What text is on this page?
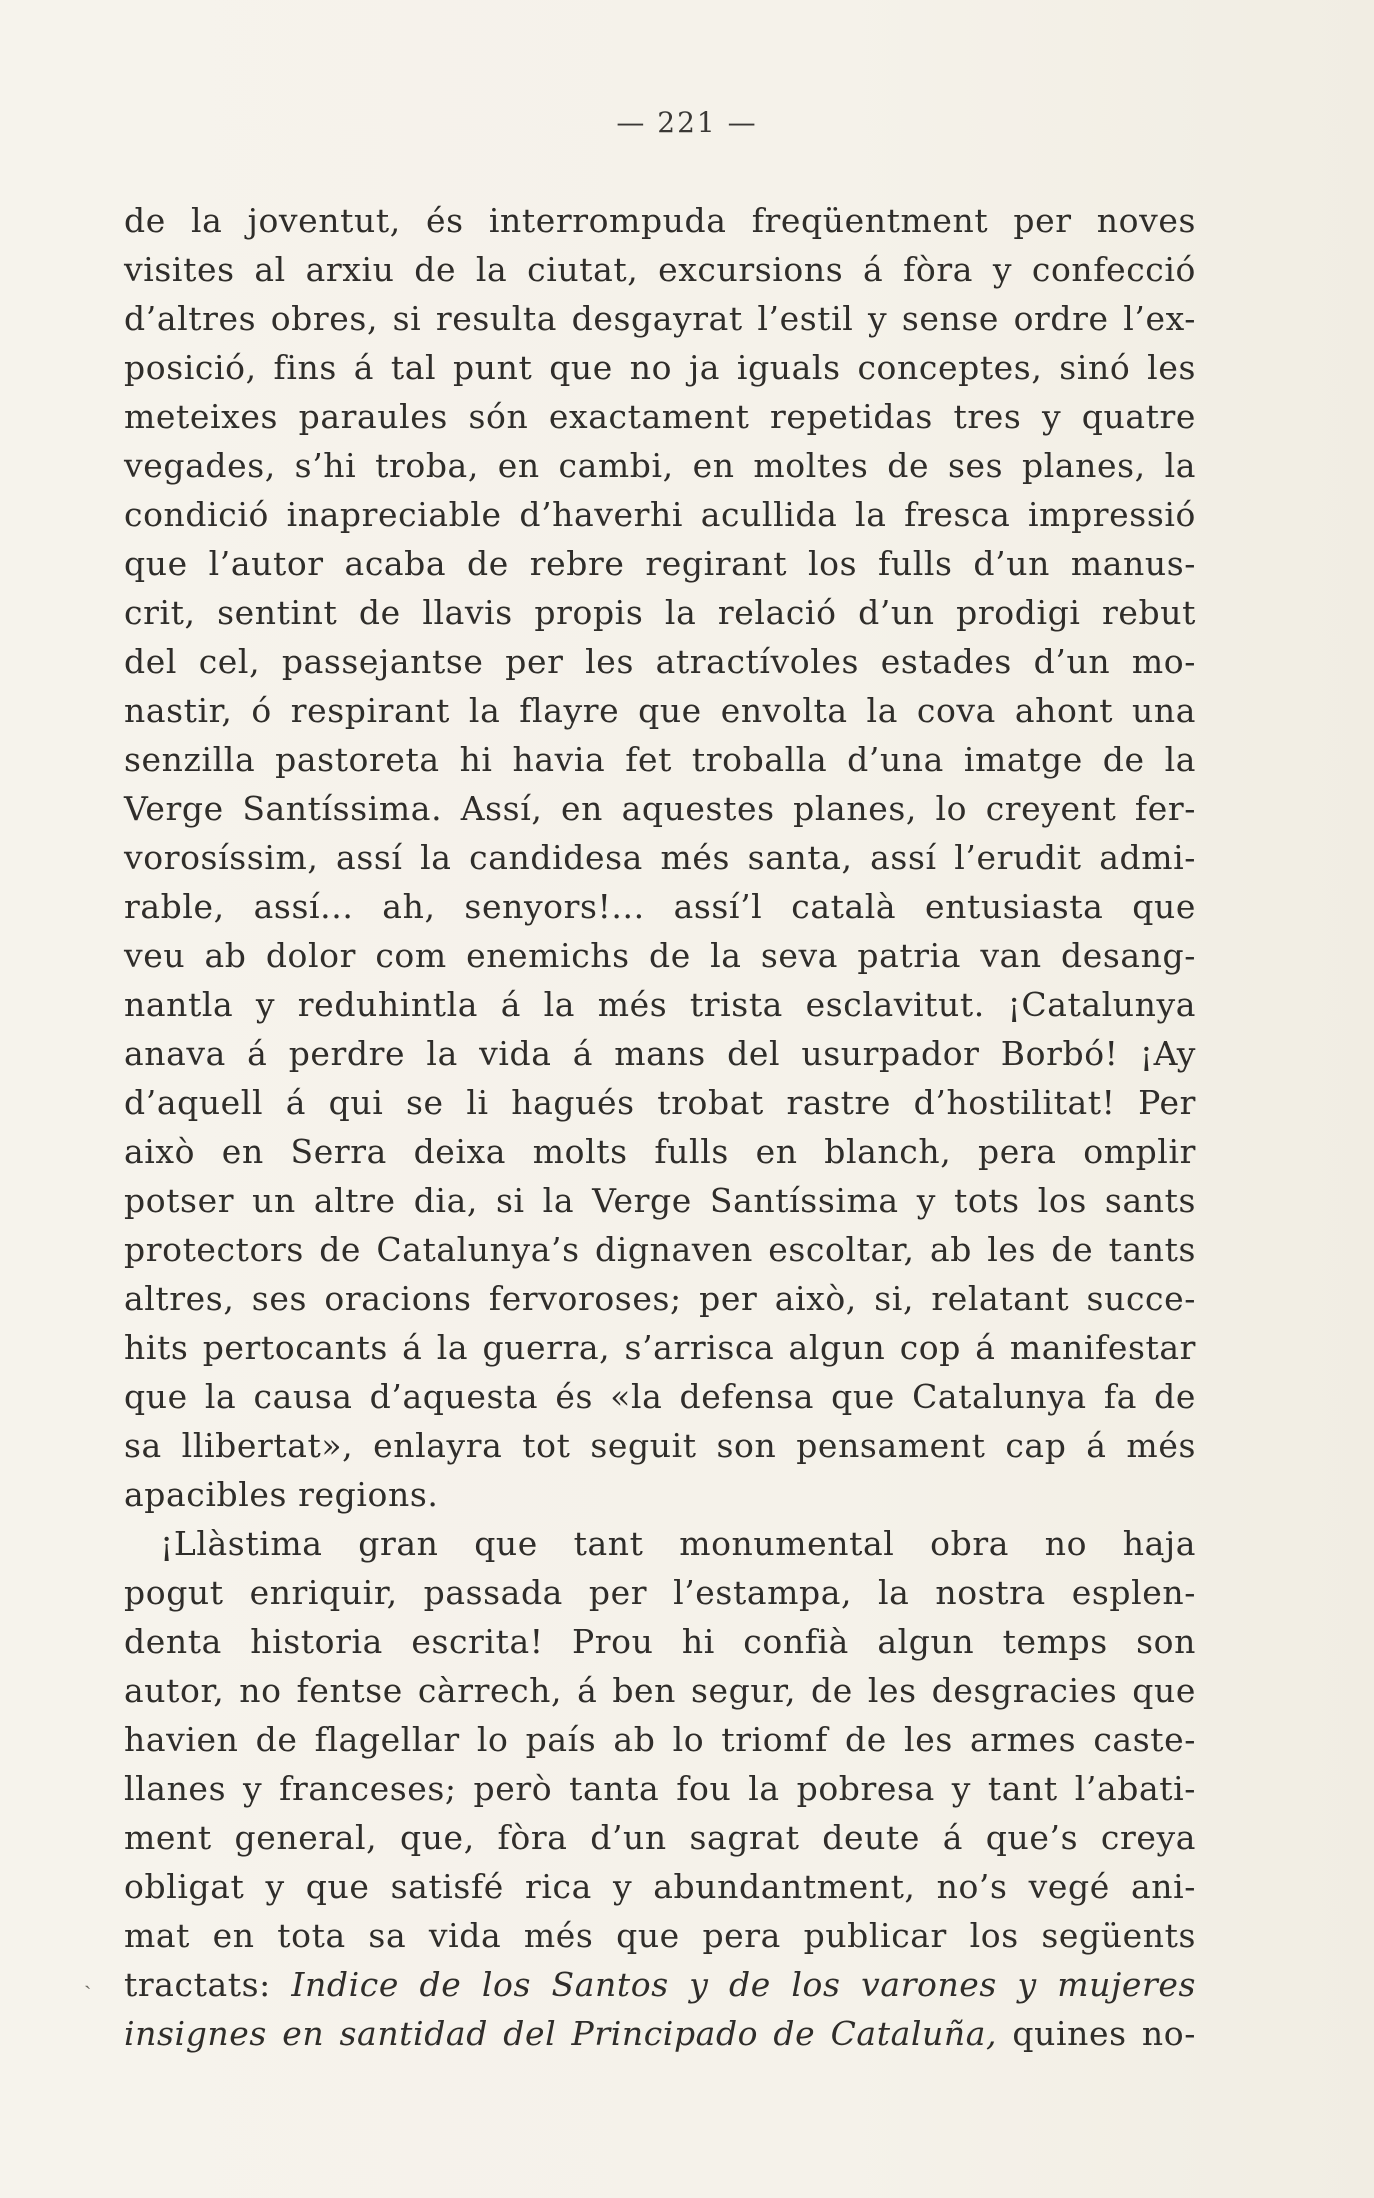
— 221 —
ˎ
de la joventut, és interrompuda freqüentment per noves
visites al arxiu de la ciutat, excursions á fòra y confecció
d’altres obres, si resulta desgayrat l’estil y sense ordre l’ex-
posició, fins á tal punt que no ja iguals conceptes, sinó les
meteixes paraules són exactament repetidas tres y quatre
vegades, s’hi troba, en cambi, en moltes de ses planes, la
condició inapreciable d’haverhi acullida la fresca impressió
que l’autor acaba de rebre regirant los fulls d’un manus-
crit, sentint de llavis propis la relació d’un prodigi rebut
del cel, passejantse per les atractívoles estades d’un mo-
nastir, ó respirant la flayre que envolta la cova ahont una
senzilla pastoreta hi havia fet troballa d’una imatge de la
Verge Santíssima. Assí, en aquestes planes, lo creyent fer-
vorosíssim, assí la candidesa més santa, assí l’erudit admi-
rable, assí... ah, senyors!... assí’l català entusiasta que
veu ab dolor com enemichs de la seva patria van desang-
nantla y reduhintla á la més trista esclavitut. ¡Catalunya
anava á perdre la vida á mans del usurpador Borbó! ¡Ay
d’aquell á qui se li hagués trobat rastre d’hostilitat! Per
això en Serra deixa molts fulls en blanch, pera omplir
potser un altre dia, si la Verge Santíssima y tots los sants
protectors de Catalunya’s dignaven escoltar, ab les de tants
altres, ses oracions fervoroses; per això, si, relatant succe-
hits pertocants á la guerra, s’arrisca algun cop á manifestar
que la causa d’aquesta és «la defensa que Catalunya fa de
sa llibertat», enlayra tot seguit son pensament cap á més
apacibles regions.
¡Llàstima gran que tant monumental obra no haja
pogut enriquir, passada per l’estampa, la nostra esplen-
denta historia escrita! Prou hi confià algun temps son
autor, no fentse càrrech, á ben segur, de les desgracies que
havien de flagellar lo país ab lo triomf de les armes caste-
llanes y franceses; però tanta fou la pobresa y tant l’abati-
ment general, que, fòra d’un sagrat deute á que’s creya
obligat y que satisfé rica y abundantment, no’s vegé ani-
mat en tota sa vida més que pera publicar los següents
tractats: Indice de los Santos y de los varones y mujeres
insignes en santidad del Principado de Cataluña, quines no-
